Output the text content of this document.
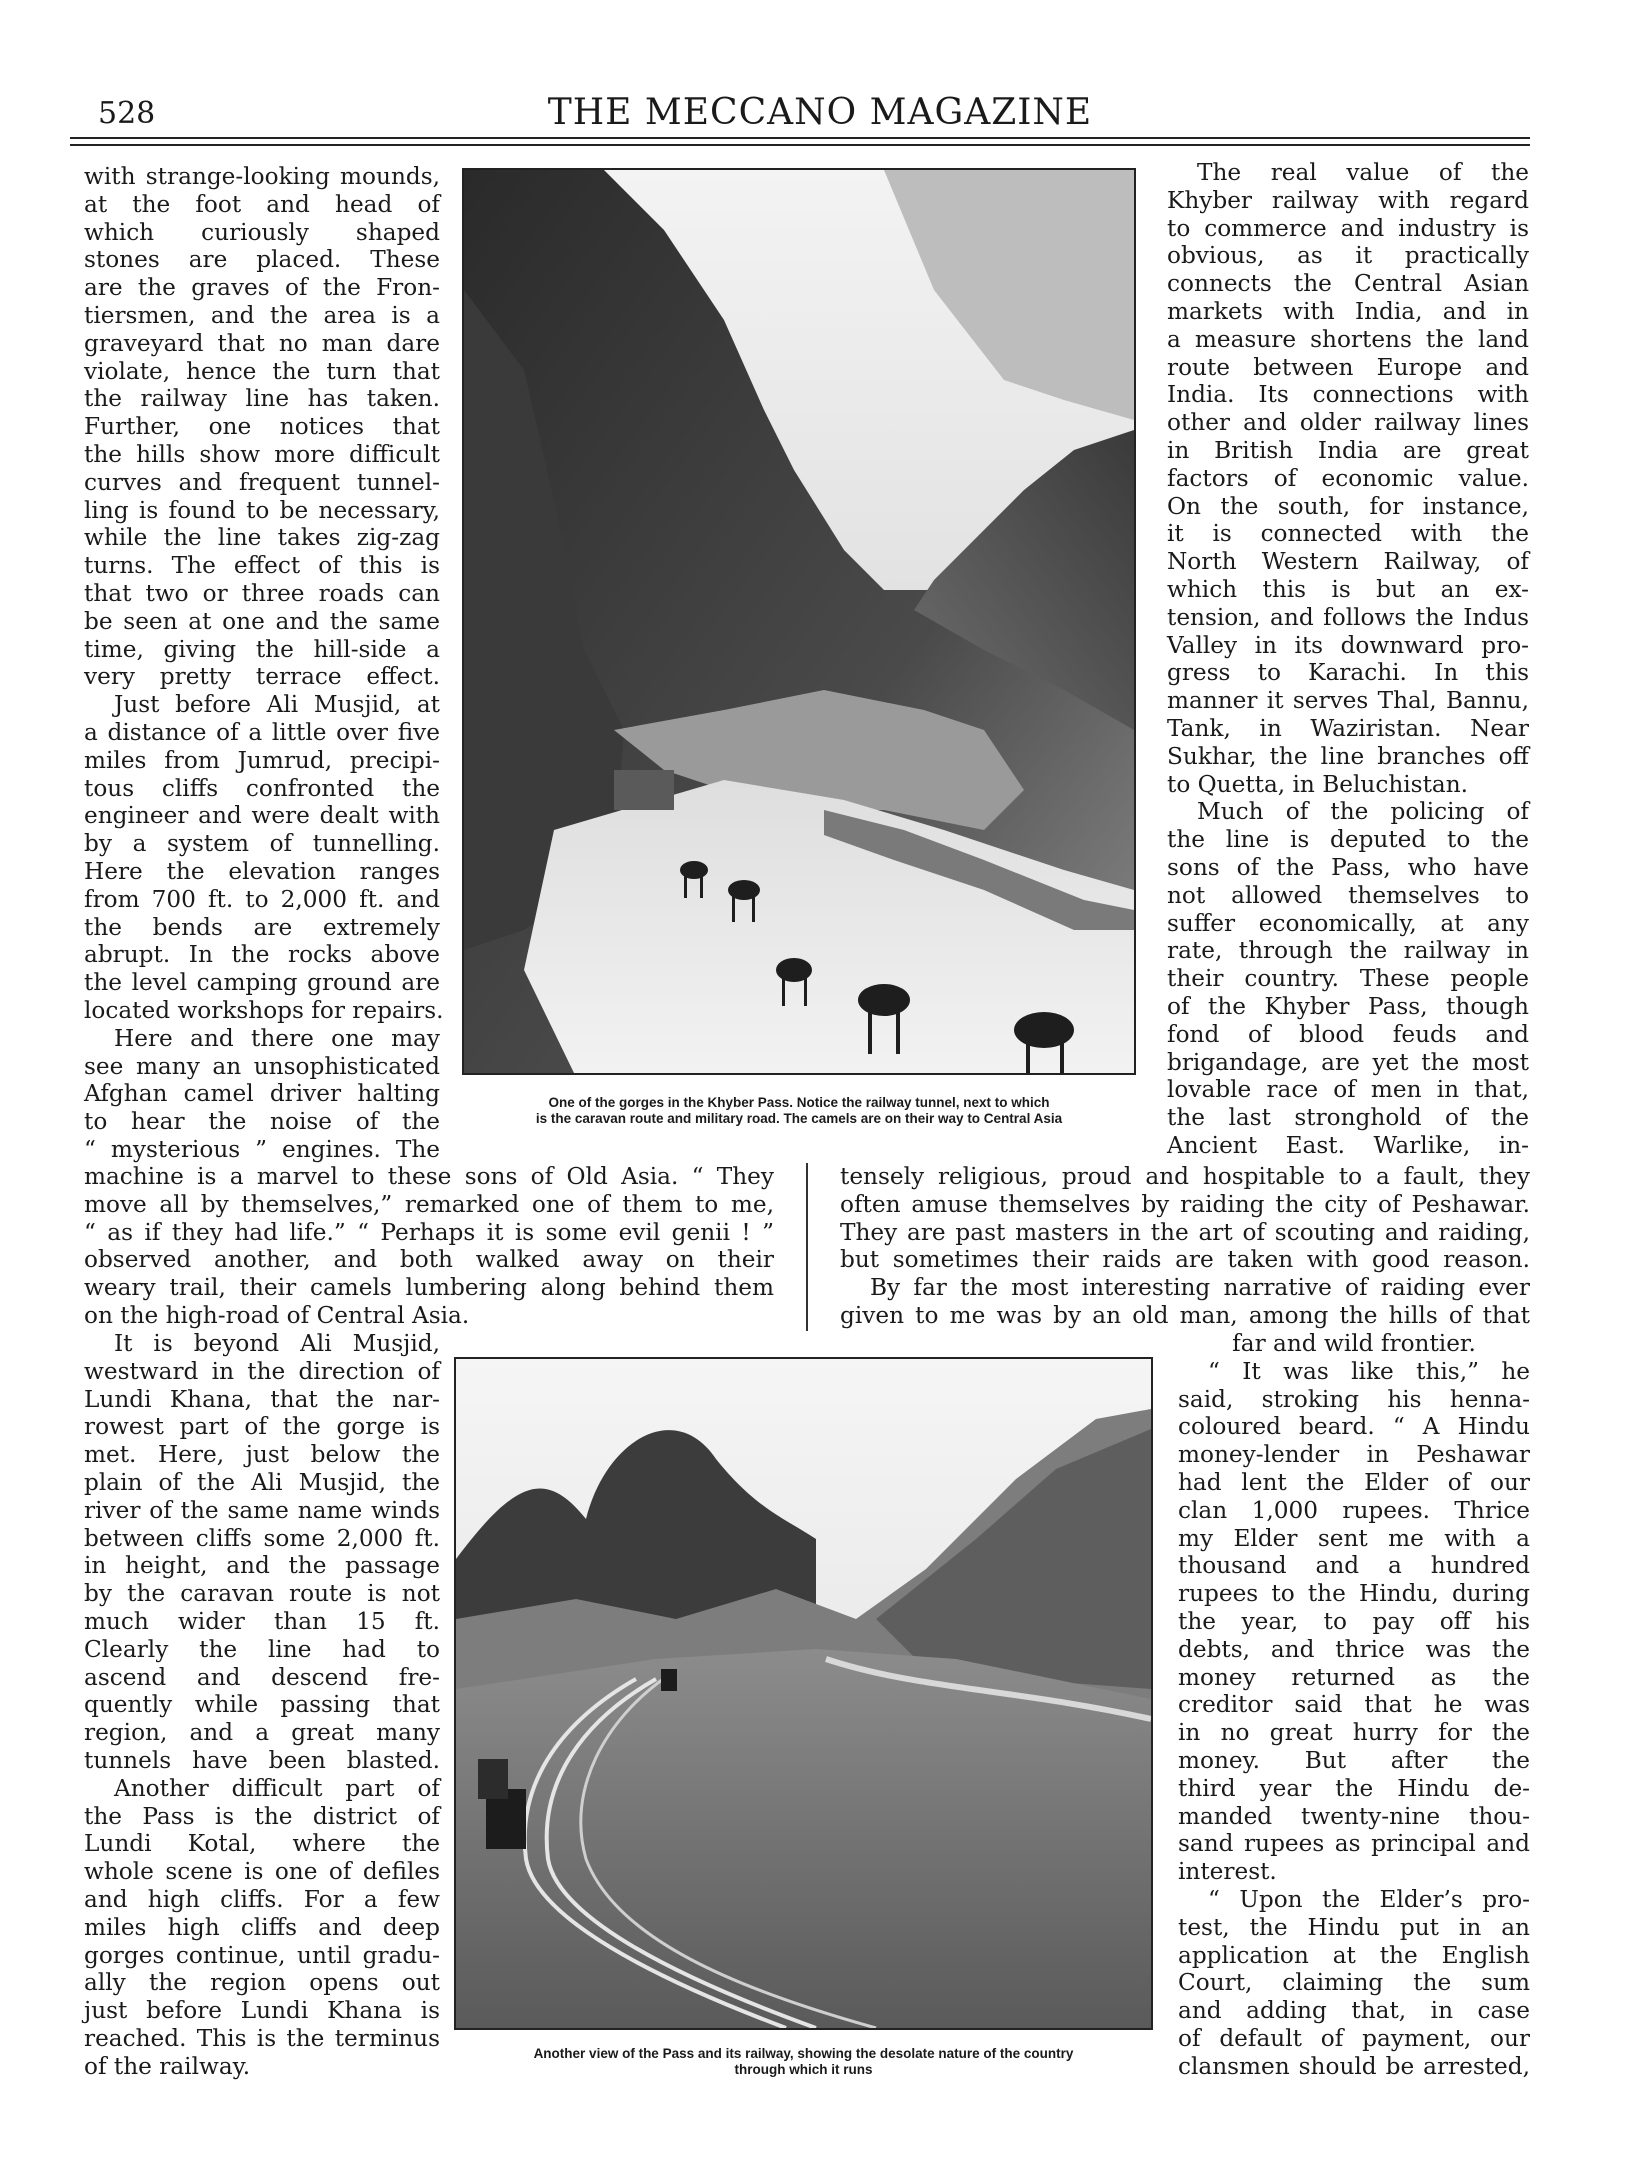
528	THE MECCANO MAGAZINE
with strange-looking mounds,
at the foot and head of
which curiously shaped
stones are placed. These
are the graves of the Fron-
tiersmen, and the area is a
graveyard that no man dare
violate, hence the turn that
the railway line has taken.
Further, one notices that
the hills show more difficult
curves and frequent tunnel-
ling is found to be necessary,
while the line takes zig-zag
turns. The effect of this is
that two or three roads can
be seen at one and the same
time, giving the hill-side a
very pretty terrace effect.
Just before Ali Musjid, at
a distance of a little over five
miles from Jumrud, precipi-
tous cliffs confronted the
engineer and were dealt with
by a system of tunnelling.
Here the elevation ranges
from 700 ft. to 2,000 ft. and
the bends are extremely
abrupt. In the rocks above
the level camping ground are
located workshops for repairs.
Here and there one may
see many an unsophisticated
Afghan camel driver halting
to hear the noise of the
“ mysterious ” engines. The
One of the gorges in the Khyber Pass. Notice the railway tunnel, next to which
is the caravan route and military road. The camels are on their way to Central Asia
The real value of the
Khyber railway with regard
to commerce and industry is
obvious, as it practically
connects the Central Asian
markets with India, and in
a measure shortens the land
route between Europe and
India. Its connections with
other and older railway lines
in British India are great
factors of economic value.
On the south, for instance,
it is connected with the
North Western Railway, of
which this is but an ex-
tension, and follows the Indus
Valley in its downward pro-
gress to Karachi. In this
manner it serves Thal, Bannu,
Tank, in Waziristan. Near
Sukhar, the line branches off
to Quetta, in Beluchistan.
Much of the policing of
the line is deputed to the
sons of the Pass, who have
not allowed themselves to
suffer economically, at any
rate, through the railway in
their country. These people
of the Khyber Pass, though
fond of blood feuds and
brigandage, are yet the most
lovable race of men in that,
the last stronghold of the
Ancient East. Warlike, in-
machine is a marvel to these sons of Old Asia. “ They
move all by themselves,” remarked one of them to me,
“ as if they had life.” “ Perhaps it is some evil genii ! ”
observed another, and both walked away on their
weary trail, their camels lumbering along behind them
on the high-road of Central Asia.
tensely religious, proud and hospitable to a fault, they
often amuse themselves by raiding the city of Peshawar.
They are past masters in the art of scouting and raiding,
but sometimes their raids are taken with good reason.
By far the most interesting narrative of raiding ever
given to me was by an old man, among the hills of that
It is beyond Ali Musjid,
westward in the direction of
Lundi Khana, that the nar-
rowest part of the gorge is
met. Here, just below the
plain of the Ali Musjid, the
river of the same name winds
between cliffs some 2,000 ft.
in height, and the passage
by the caravan route is not
much wider than 15 ft.
Clearly the line had to
ascend and descend fre-
quently while passing that
region, and a great many
tunnels have been blasted.
Another difficult part of
the Pass is the district of
Lundi Kotal, where the
whole scene is one of defiles
and high cliffs. For a few
miles high cliffs and deep
gorges continue, until gradu-
ally the region opens out
just before Lundi Khana is
reached. This is the terminus
of the railway.	Another view of the Pass and its railway, showing the desolate nature of the country
through which it runs
far and wild frontier.
“ It was like this,” he
said, stroking his henna-
coloured beard. “ A Hindu
money-lender in Peshawar
had lent the Elder of our
clan 1,000 rupees. Thrice
my Elder sent me with a
thousand and a hundred
rupees to the Hindu, during
the year, to pay off his
debts, and thrice was the
money returned as the
creditor said that he was
in no great hurry for the
money. But after the
third year the Hindu de-
manded twenty-nine thou-
sand rupees as principal and
interest.
“ Upon the Elder’s pro-
test, the Hindu put in an
application at the English
Court, claiming the sum
and adding that, in case
of default of payment, our
clansmen should be arrested,
